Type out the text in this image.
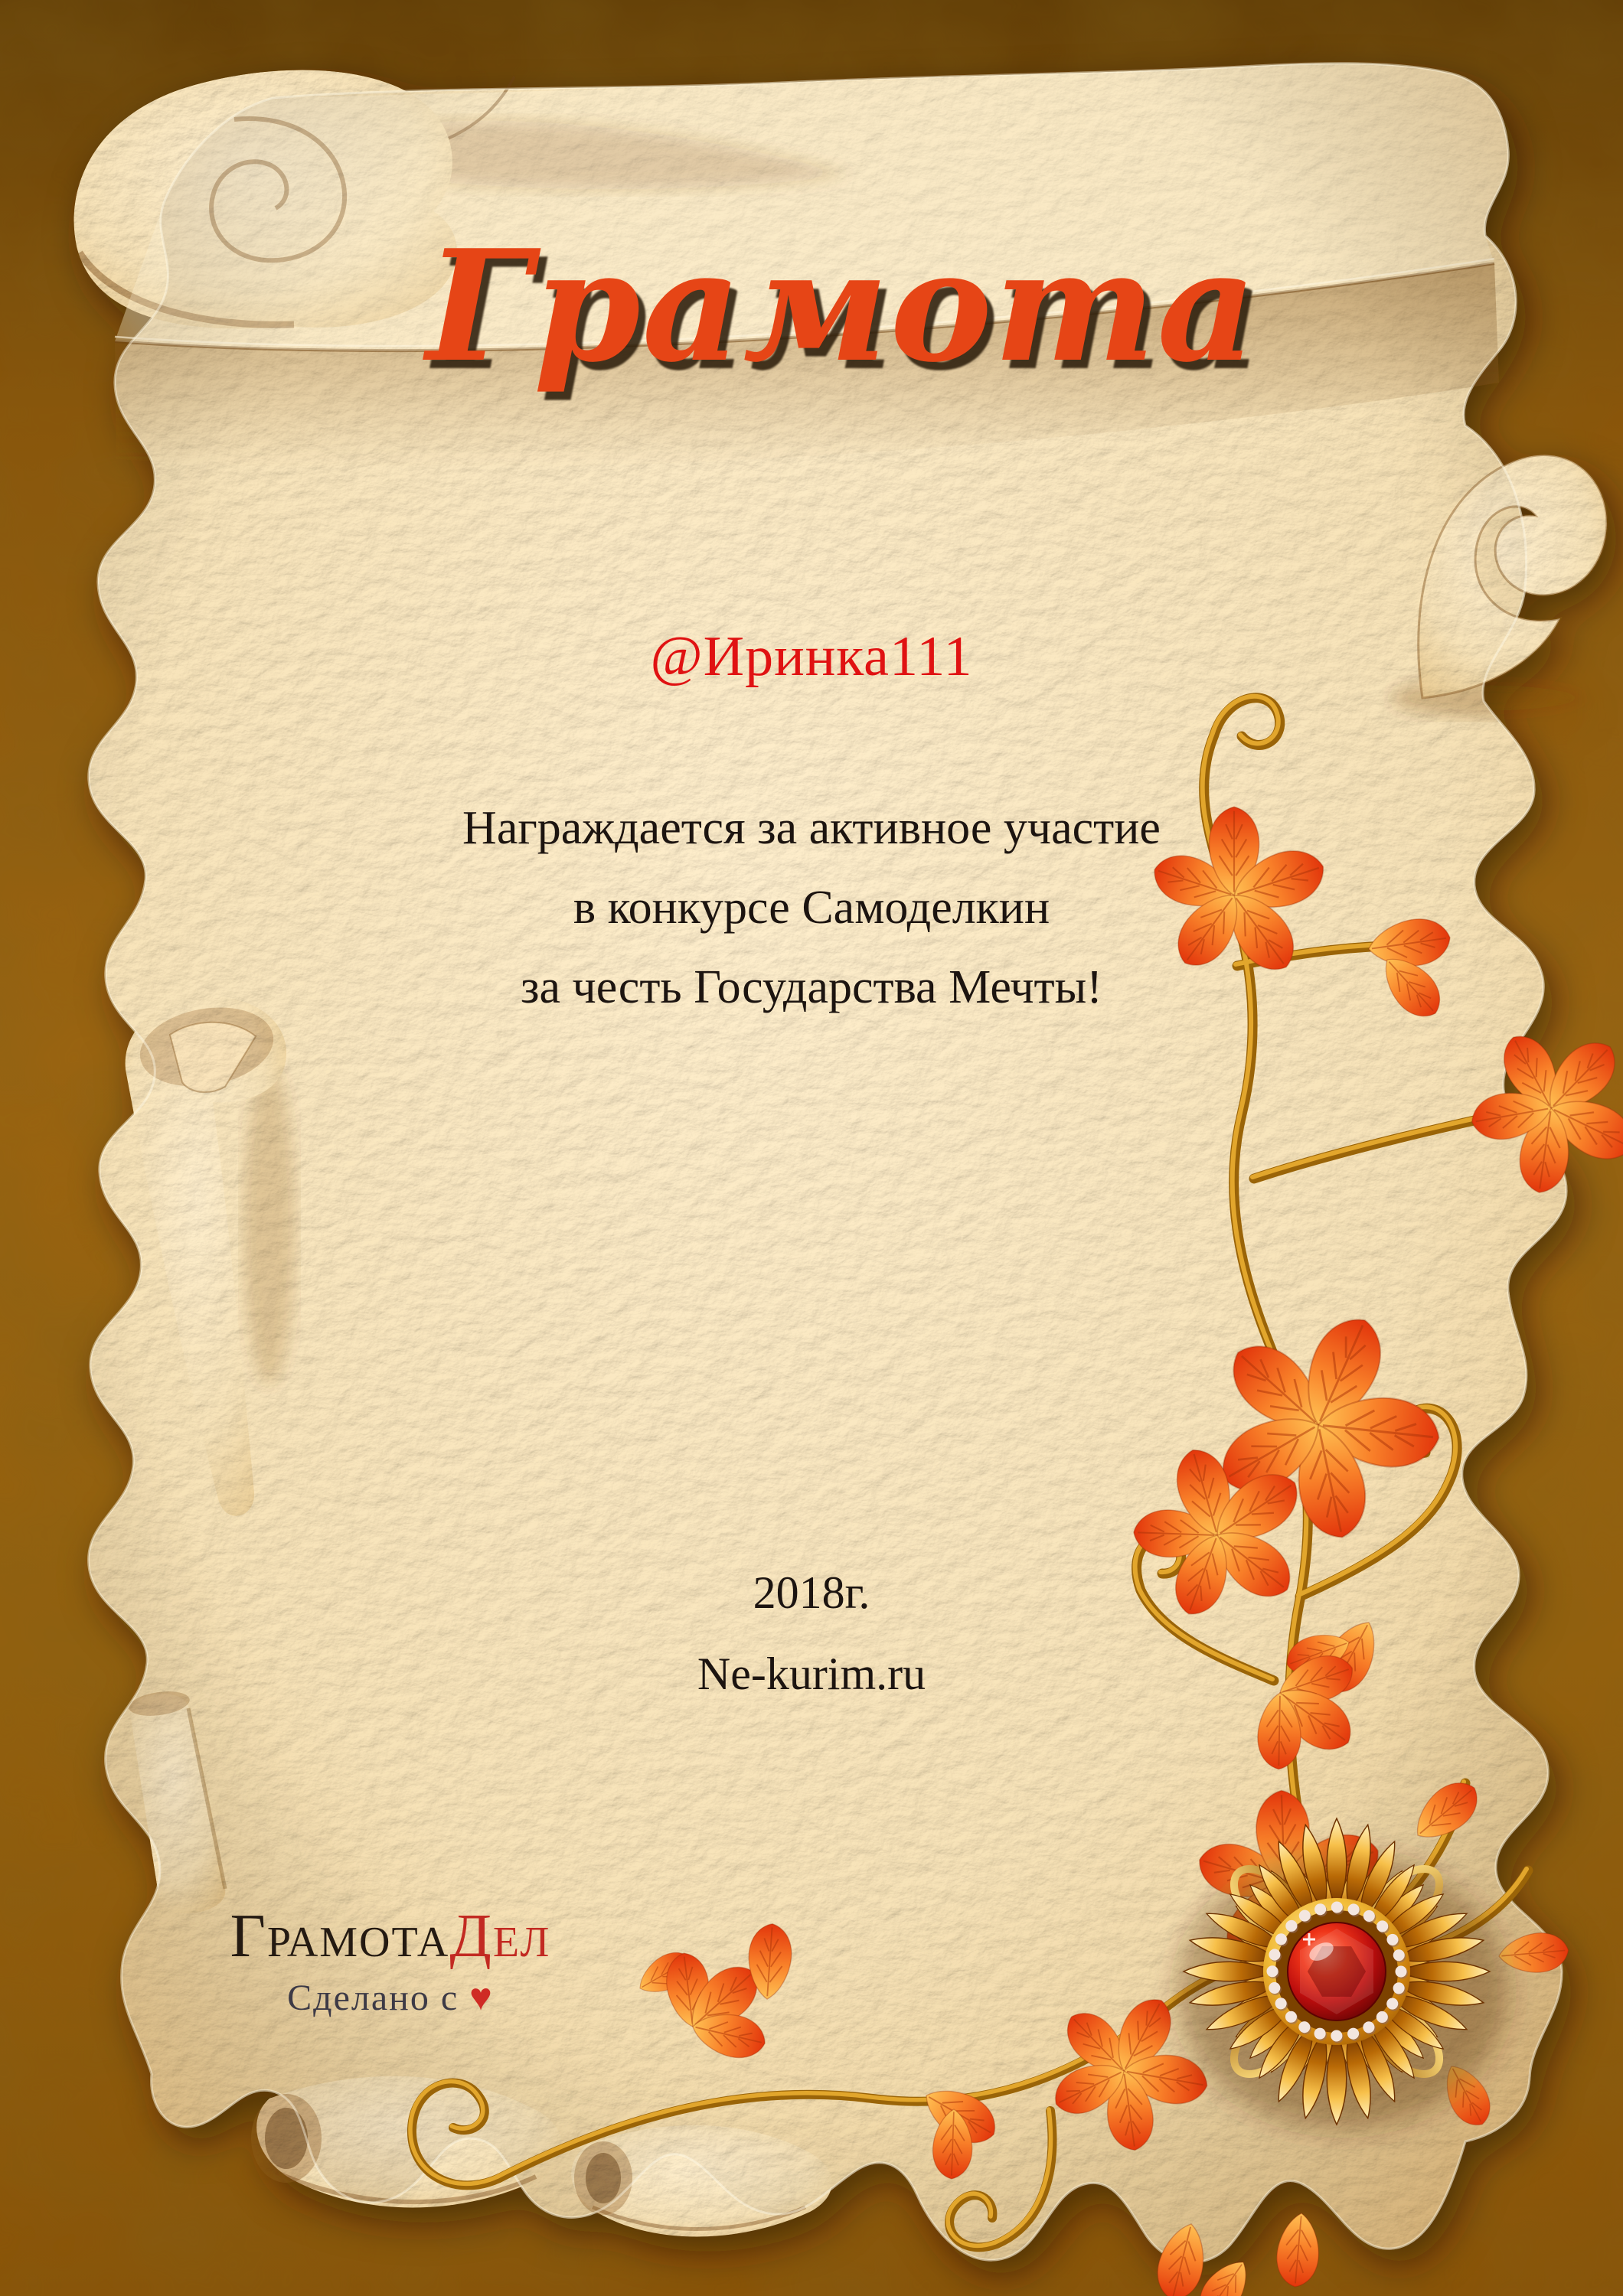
Грамота
@Иринка111
Награждается за активное участие
в конкурсе Самоделкин
за честь Государства Мечты!
2018г.
Ne-kurim.ru
ГрамотаДел
Сделано с ♥
